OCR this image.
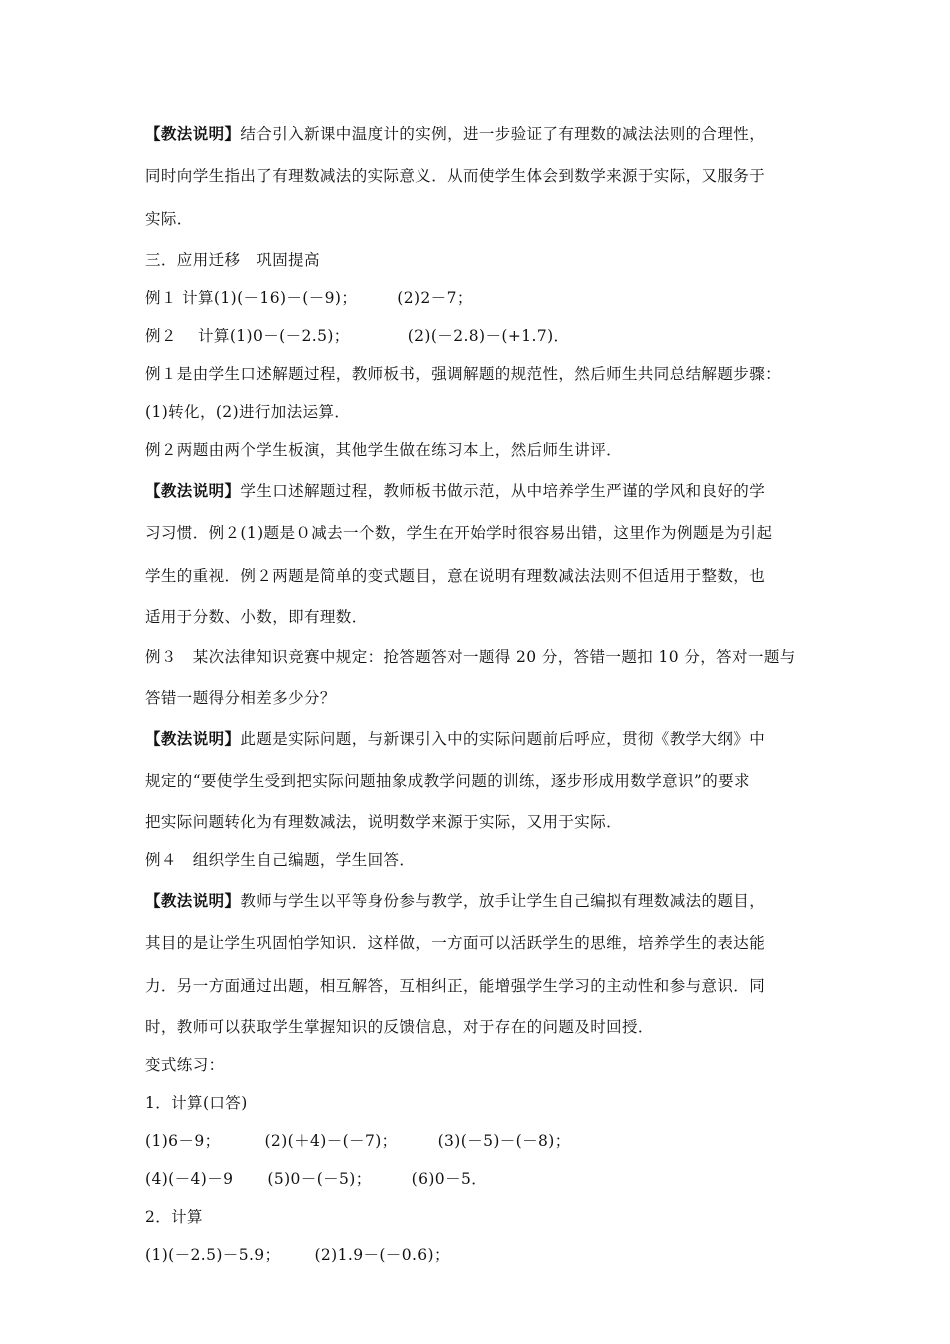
【教法说明】结合引入新课中温度计的实例，进一步验证了有理数的减法法则的合理性，
同时向学生指出了有理数减法的实际意义．从而使学生体会到数学来源于实际，又服务于
实际．
三．应用迁移　巩固提高
例１ 计算(1)(－16)－(－9)；	(2)2－7；
例２　 计算(1)0－(－2.5)；	(2)(－2.8)－(+1.7)．
例１是由学生口述解题过程，教师板书，强调解题的规范性，然后师生共同总结解题步骤：
(1)转化，(2)进行加法运算．
例２两题由两个学生板演，其他学生做在练习本上，然后师生讲评．
【教法说明】学生口述解题过程，教师板书做示范，从中培养学生严谨的学风和良好的学
习习惯．例２(1)题是０减去一个数，学生在开始学时很容易出错，这里作为例题是为引起
学生的重视．例２两题是简单的变式题目，意在说明有理数减法法则不但适用于整数，也
适用于分数、小数，即有理数．
例３　某次法律知识竞赛中规定：抢答题答对一题得 20 分，答错一题扣 10 分，答对一题与
答错一题得分相差多少分？
【教法说明】此题是实际问题，与新课引入中的实际问题前后呼应，贯彻《教学大纲》中
规定的“要使学生受到把实际问题抽象成教学问题的训练，逐步形成用数学意识”的要求
把实际问题转化为有理数减法，说明数学来源于实际，又用于实际．
例４　组织学生自己编题，学生回答．
【教法说明】教师与学生以平等身份参与教学，放手让学生自己编拟有理数减法的题目，
其目的是让学生巩固怕学知识．这样做，一方面可以活跃学生的思维，培养学生的表达能
力．另一方面通过出题，相互解答，互相纠正，能增强学生学习的主动性和参与意识．同
时，教师可以获取学生掌握知识的反馈信息，对于存在的问题及时回授．
变式练习：
1．计算(口答)
(1)6－9；	(2)(＋4)－(－7)；	(3)(－5)－(－8)；
(4)(－4)－9 (5)0－(－5)；	(6)0－5．
2．计算
(1)(－2.5)－5.9； (2)1.9－(－0.6)；
